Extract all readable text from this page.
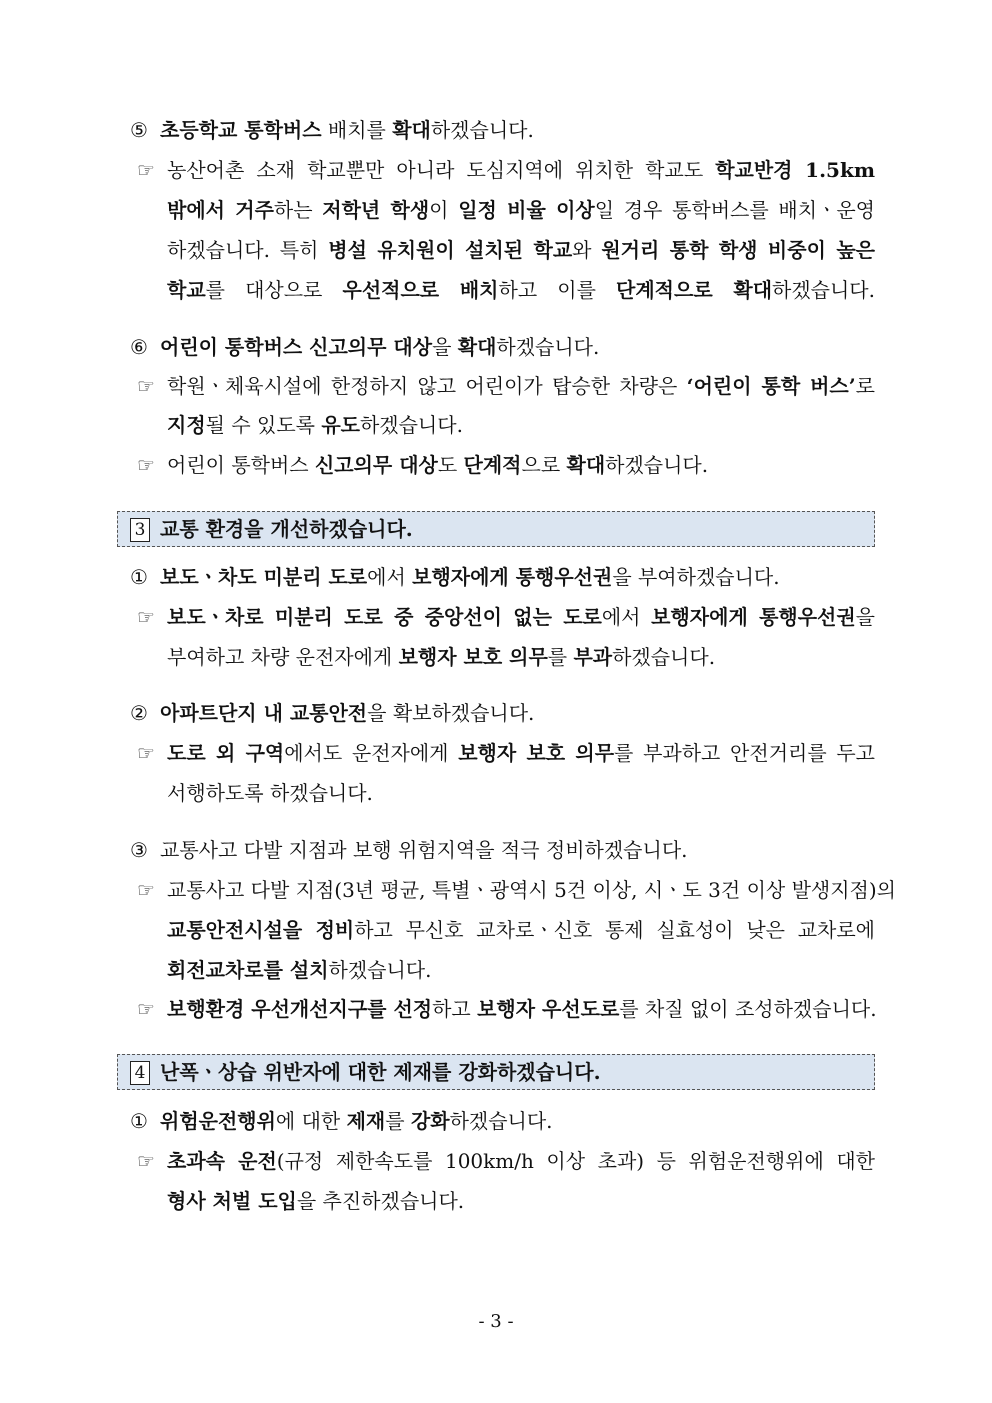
⑤ 초등학교 통학버스 배치를 확대하겠습니다.
☞ 농산어촌 소재 학교뿐만 아니라 도심지역에 위치한 학교도 학교반경 1.5km
밖에서 거주하는 저학년 학생이 일정 비율 이상일 경우 통학버스를 배치ㆍ운영
하겠습니다. 특히 병설 유치원이 설치된 학교와 원거리 통학 학생 비중이 높은
학교를 대상으로 우선적으로 배치하고 이를 단계적으로 확대하겠습니다.
⑥ 어린이 통학버스 신고의무 대상을 확대하겠습니다.
☞ 학원ㆍ체육시설에 한정하지 않고 어린이가 탑승한 차량은 ‘어린이 통학 버스’로
지정될 수 있도록 유도하겠습니다.
☞ 어린이 통학버스 신고의무 대상도 단계적으로 확대하겠습니다.
3 교통 환경을 개선하겠습니다.
① 보도ㆍ차도 미분리 도로에서 보행자에게 통행우선권을 부여하겠습니다.
☞ 보도ㆍ차로 미분리 도로 중 중앙선이 없는 도로에서 보행자에게 통행우선권을
부여하고 차량 운전자에게 보행자 보호 의무를 부과하겠습니다.
② 아파트단지 내 교통안전을 확보하겠습니다.
☞ 도로 외 구역에서도 운전자에게 보행자 보호 의무를 부과하고 안전거리를 두고
서행하도록 하겠습니다.
③ 교통사고 다발 지점과 보행 위험지역을 적극 정비하겠습니다.
☞ 교통사고 다발 지점(3년 평균, 특별ㆍ광역시 5건 이상, 시ㆍ도 3건 이상 발생지점)의
교통안전시설을 정비하고 무신호 교차로ㆍ신호 통제 실효성이 낮은 교차로에
회전교차로를 설치하겠습니다.
☞ 보행환경 우선개선지구를 선정하고 보행자 우선도로를 차질 없이 조성하겠습니다.
4 난폭ㆍ상습 위반자에 대한 제재를 강화하겠습니다.
① 위험운전행위에 대한 제재를 강화하겠습니다.
☞ 초과속 운전(규정 제한속도를 100km/h 이상 초과) 등 위험운전행위에 대한
형사 처벌 도입을 추진하겠습니다.
- 3 -
